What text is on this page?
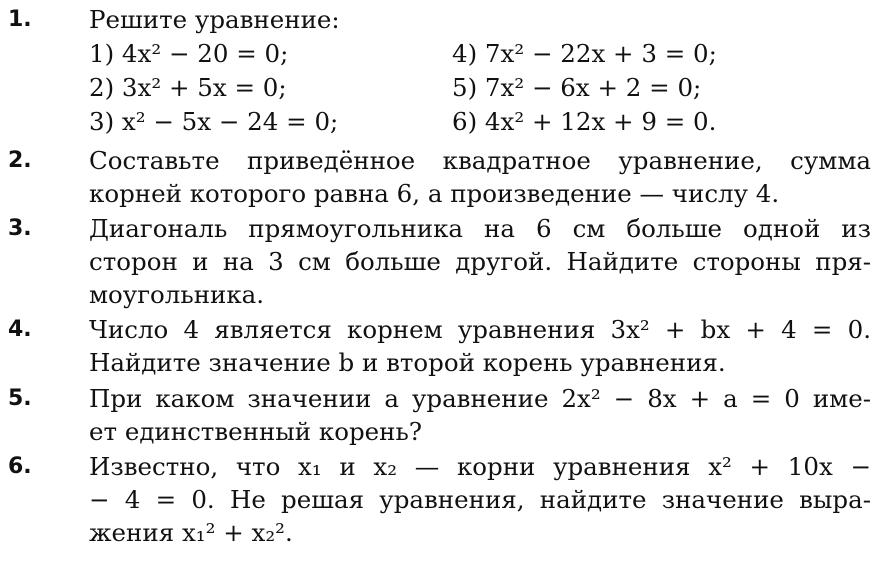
1. Решите уравнение:
1) 4x² − 20 = 0;
2) 3x² + 5x = 0;
3) x² − 5x − 24 = 0;
4) 7x² − 22x + 3 = 0;
5) 7x² − 6x + 2 = 0;
6) 4x² + 12x + 9 = 0.
2. Составьте приведённое квадратное уравнение, сумма
корней которого равна 6, а произведение — числу 4.
3. Диагональ прямоугольника на 6 см больше одной из
сторон и на 3 см больше другой. Найдите стороны пря-
моугольника.
4. Число 4 является корнем уравнения 3x² + bx + 4 = 0.
Найдите значение b и второй корень уравнения.
5. При каком значении a уравнение 2x² − 8x + a = 0 име-
ет единственный корень?
6. Известно, что x₁ и x₂ — корни уравнения x² + 10x −
− 4 = 0. Не решая уравнения, найдите значение выра-
жения x₁² + x₂².
